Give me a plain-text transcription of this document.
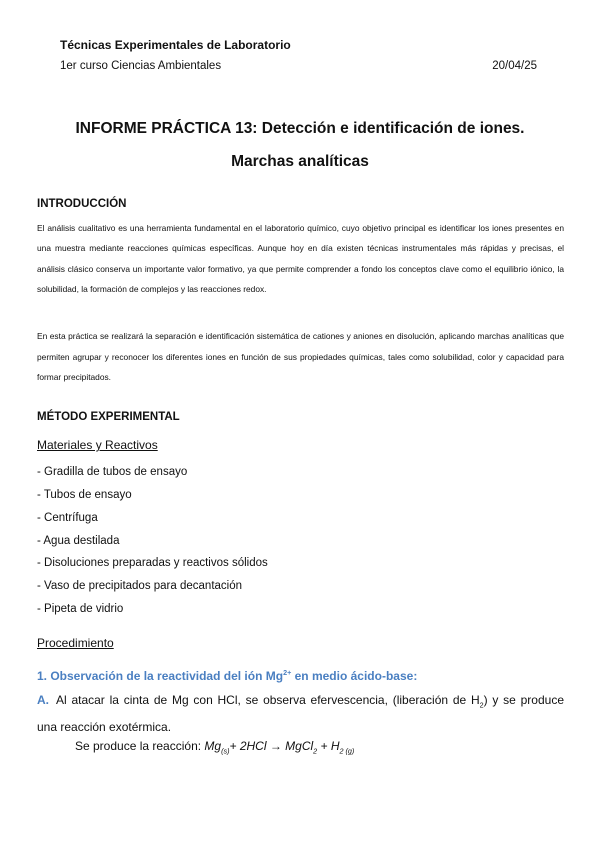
Técnicas Experimentales de Laboratorio
1er curso Ciencias Ambientales	20/04/25
INFORME PRÁCTICA 13: Detección e identificación de iones.
Marchas analíticas
INTRODUCCIÓN
El análisis cualitativo es una herramienta fundamental en el laboratorio químico, cuyo objetivo principal es identificar los iones presentes en una muestra mediante reacciones químicas específicas. Aunque hoy en día existen técnicas instrumentales más rápidas y precisas, el análisis clásico conserva un importante valor formativo, ya que permite comprender a fondo los conceptos clave como el equilibrio iónico, la solubilidad, la formación de complejos y las reacciones redox.
En esta práctica se realizará la separación e identificación sistemática de cationes y aniones en disolución, aplicando marchas analíticas que permiten agrupar y reconocer los diferentes iones en función de sus propiedades químicas, tales como solubilidad, color y capacidad para formar precipitados.
MÉTODO EXPERIMENTAL
Materiales y Reactivos
- Gradilla de tubos de ensayo
- Tubos de ensayo
- Centrífuga
- Agua destilada
- Disoluciones preparadas y reactivos sólidos
- Vaso de precipitados para decantación
- Pipeta de vidrio
Procedimiento
1. Observación de la reactividad del ión $Mg^{2+}$ en medio ácido-base:
A. Al atacar la cinta de Mg con HCl, se observa efervescencia, (liberación de $H_2$) y se produce una reacción exotérmica.
Se produce la reacción: $Mg_{(s)}+ 2HCl$ → MgCl$_2$ + $H_{2 (g)}$
